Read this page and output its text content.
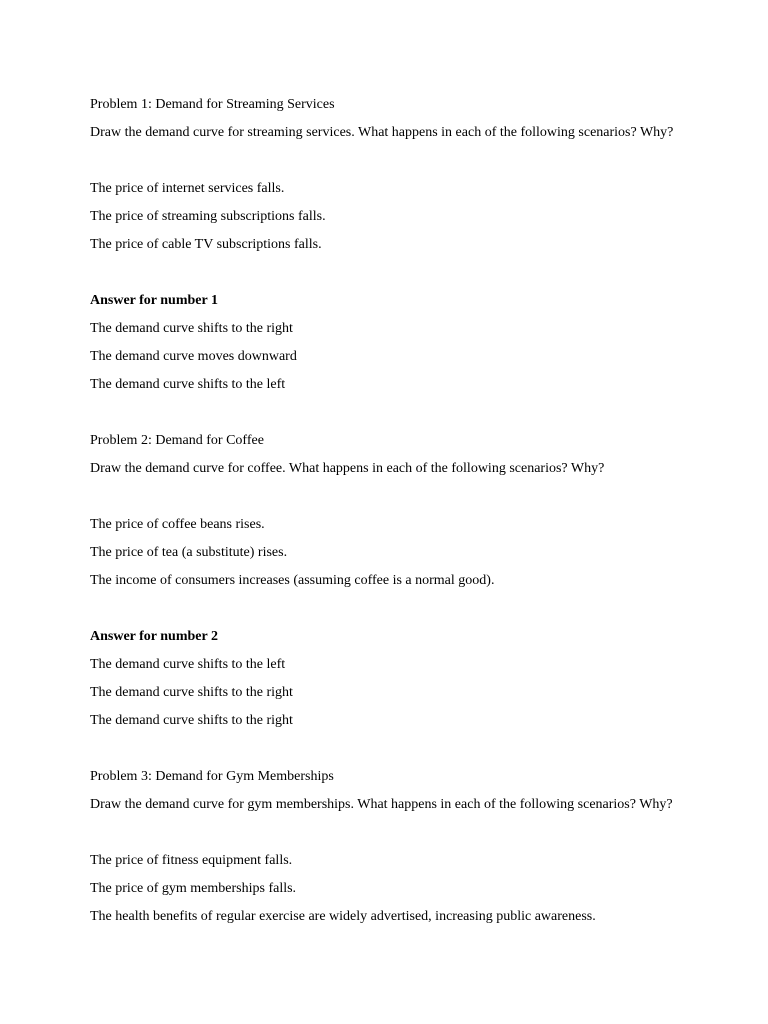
Problem 1: Demand for Streaming Services

Draw the demand curve for streaming services. What happens in each of the following scenarios? Why?

The price of internet services falls.

The price of streaming subscriptions falls.

The price of cable TV subscriptions falls.

Answer for number 1

The demand curve shifts to the right

The demand curve moves downward

The demand curve shifts to the left

Problem 2: Demand for Coffee

Draw the demand curve for coffee. What happens in each of the following scenarios? Why?

The price of coffee beans rises.

The price of tea (a substitute) rises.

The income of consumers increases (assuming coffee is a normal good).

Answer for number 2

The demand curve shifts to the left

The demand curve shifts to the right

The demand curve shifts to the right

Problem 3: Demand for Gym Memberships

Draw the demand curve for gym memberships. What happens in each of the following scenarios? Why?

The price of fitness equipment falls.

The price of gym memberships falls.

The health benefits of regular exercise are widely advertised, increasing public awareness.
